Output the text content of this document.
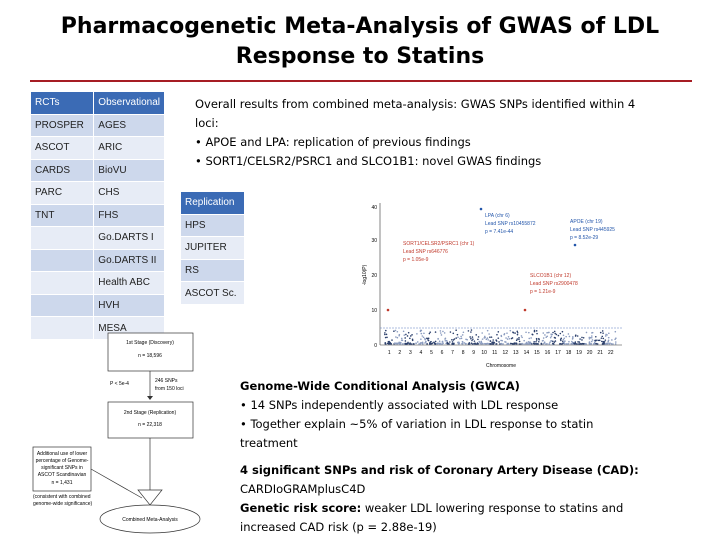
Pharmacogenetic Meta-Analysis of GWAS of LDL
Response to Statins
RCTs	Observational
PROSPER	AGES
ASCOT	ARIC
CARDS	BioVU
PARC	CHS
TNT	FHS
	Go.DARTS I
	Go.DARTS II
	Health ABC
	HVH
	MESA
Replication
HPS
JUPITER
RS
ASCOT Sc.
Overall results from combined meta-analysis: GWAS SNPs identified within 4
loci:
• APOE and LPA: replication of previous findings
• SORT1/CELSR2/PSRC1 and SLCO1B1: novel GWAS findings
-log10(P)
0
10
20
30
40
1 2 3 4 5 6 7 8 9 10 11 12 13 14 15 16 17 18 19 20 21 22
Chromosome
LPA (chr 6)
Lead SNP rs10455872
p = 7.41e-44
APOE (chr 19)
Lead SNP rs445925
p = 8.52e-29
SORT1/CELSR2/PSRC1 (chr 1)
Lead SNP rs646776
p = 1.05e-9
SLCO1B1 (chr 12)
Lead SNP rs2900478
p = 1.21e-9
1st Stage (Discovery)
n = 18,596
P < 5e-4	246 SNPs
from 150 loci
2nd Stage (Replication)
n = 22,318
Additional use of lower
percentage of Genome-
significant SNPs in
ASCOT Scandinavian
n = 1,431
(consistent with combined
genome-wide significance)
Combined Meta-Analysis
Genome-Wide Conditional Analysis (GWCA)
• 14 SNPs independently associated with LDL response
• Together explain ~5% of variation in LDL response to statin
treatment
4 significant SNPs and risk of Coronary Artery Disease (CAD):
CARDIoGRAMplusC4D
Genetic risk score: weaker LDL lowering response to statins and
increased CAD risk (p = 2.88e-19)
